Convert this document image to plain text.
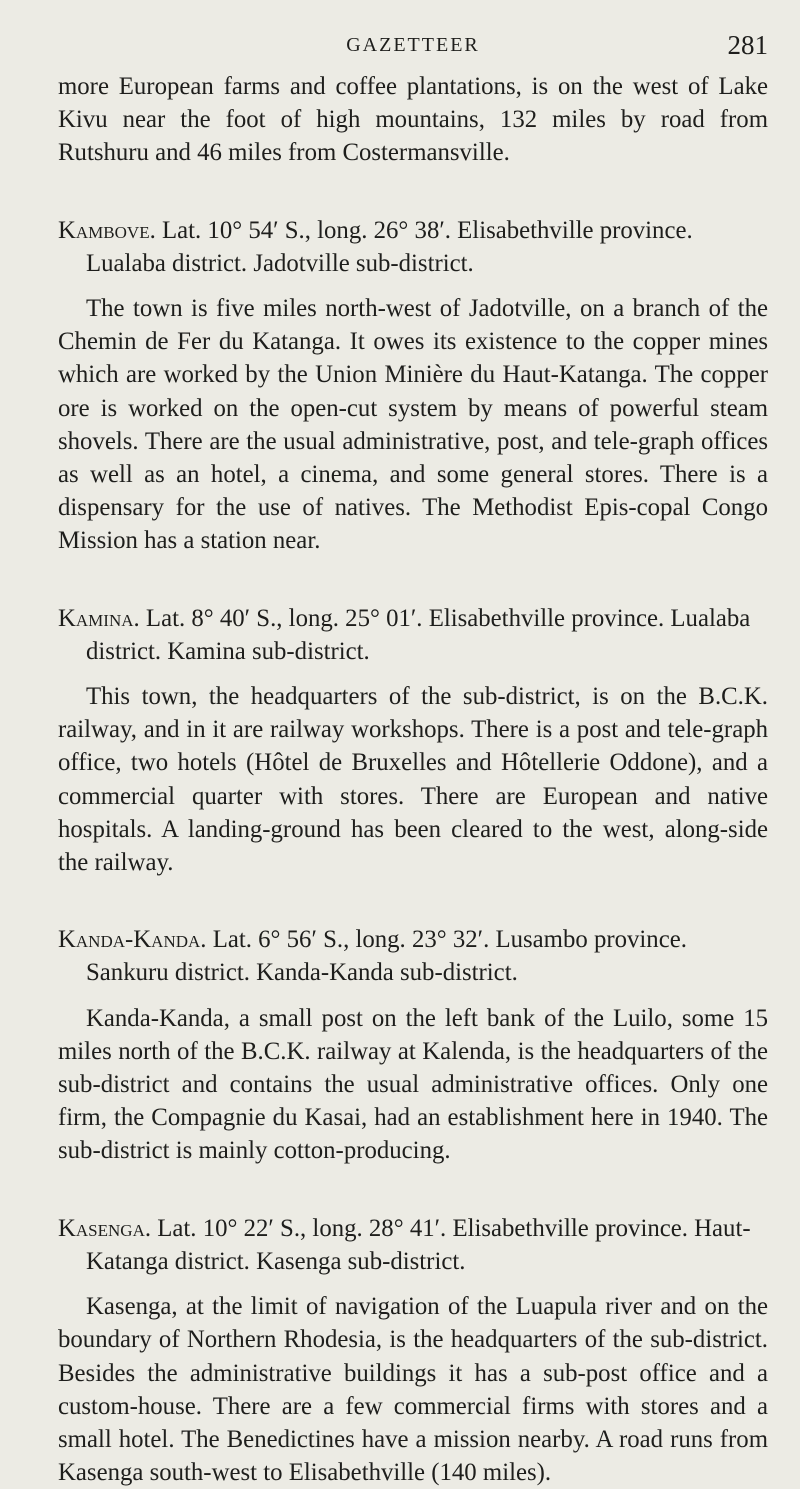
GAZETTEER	281

more European farms and coffee plantations, is on the west of Lake Kivu near the foot of high mountains, 132 miles by road from Rutshuru and 46 miles from Costermansville.

Kambove. Lat. 10° 54′ S., long. 26° 38′. Elisabethville province. Lualaba district. Jadotville sub-district.

The town is five miles north-west of Jadotville, on a branch of the Chemin de Fer du Katanga. It owes its existence to the copper mines which are worked by the Union Minière du Haut-Katanga. The copper ore is worked on the open-cut system by means of powerful steam shovels. There are the usual administrative, post, and tele-graph offices as well as an hotel, a cinema, and some general stores. There is a dispensary for the use of natives. The Methodist Epis-copal Congo Mission has a station near.

Kamina. Lat. 8° 40′ S., long. 25° 01′. Elisabethville province. Lualaba district. Kamina sub-district.

This town, the headquarters of the sub-district, is on the B.C.K. railway, and in it are railway workshops. There is a post and tele-graph office, two hotels (Hôtel de Bruxelles and Hôtellerie Oddone), and a commercial quarter with stores. There are European and native hospitals. A landing-ground has been cleared to the west, along-side the railway.

Kanda-Kanda. Lat. 6° 56′ S., long. 23° 32′. Lusambo province. Sankuru district. Kanda-Kanda sub-district.

Kanda-Kanda, a small post on the left bank of the Luilo, some 15 miles north of the B.C.K. railway at Kalenda, is the headquarters of the sub-district and contains the usual administrative offices. Only one firm, the Compagnie du Kasai, had an establishment here in 1940. The sub-district is mainly cotton-producing.

Kasenga. Lat. 10° 22′ S., long. 28° 41′. Elisabethville province. Haut-Katanga district. Kasenga sub-district.

Kasenga, at the limit of navigation of the Luapula river and on the boundary of Northern Rhodesia, is the headquarters of the sub-district. Besides the administrative buildings it has a sub-post office and a custom-house. There are a few commercial firms with stores and a small hotel. The Benedictines have a mission nearby. A road runs from Kasenga south-west to Elisabethville (140 miles).
